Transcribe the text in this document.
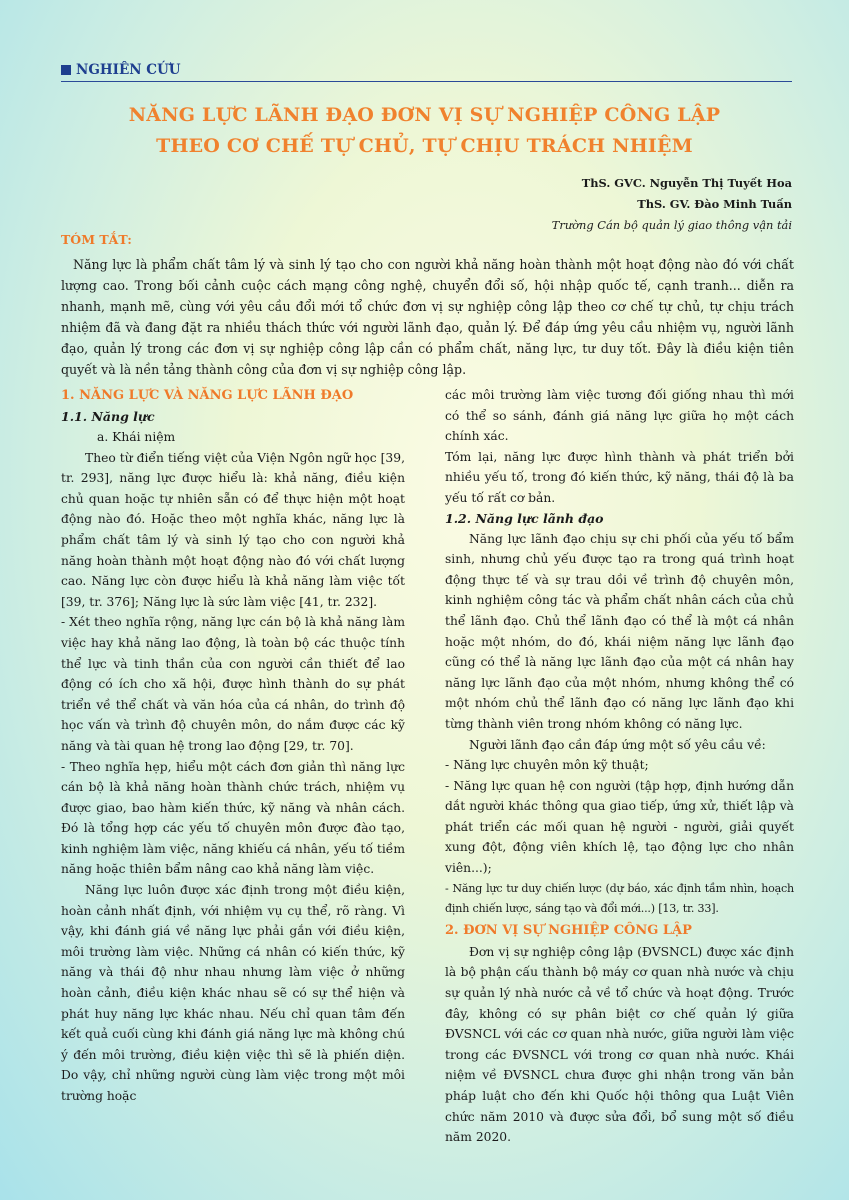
NGHIÊN CỨU
NĂNG LỰC LÃNH ĐẠO ĐƠN VỊ SỰ NGHIỆP CÔNG LẬP
THEO CƠ CHẾ TỰ CHỦ, TỰ CHỊU TRÁCH NHIỆM
ThS. GVC. Nguyễn Thị Tuyết Hoa
ThS. GV. Đào Minh Tuấn
Trường Cán bộ quản lý giao thông vận tải
TÓM TẮT:
Năng lực là phẩm chất tâm lý và sinh lý tạo cho con người khả năng hoàn thành một hoạt động nào đó với chất lượng cao. Trong bối cảnh cuộc cách mạng công nghệ, chuyển đổi số, hội nhập quốc tế, cạnh tranh... diễn ra nhanh, mạnh mẽ, cùng với yêu cầu đổi mới tổ chức đơn vị sự nghiệp công lập theo cơ chế tự chủ, tự chịu trách nhiệm đã và đang đặt ra nhiều thách thức với người lãnh đạo, quản lý. Để đáp ứng yêu cầu nhiệm vụ, người lãnh đạo, quản lý trong các đơn vị sự nghiệp công lập cần có phẩm chất, năng lực, tư duy tốt. Đây là điều kiện tiên quyết và là nền tảng thành công của đơn vị sự nghiệp công lập.

1. NĂNG LỰC VÀ NĂNG LỰC LÃNH ĐẠO

1.1. Năng lực

a. Khái niệm

Theo từ điển tiếng việt của Viện Ngôn ngữ học [39, tr. 293], năng lực được hiểu là: khả năng, điều kiện chủ quan hoặc tự nhiên sẵn có để thực hiện một hoạt động nào đó. Hoặc theo một nghĩa khác, năng lực là phẩm chất tâm lý và sinh lý tạo cho con người khả năng hoàn thành một hoạt động nào đó với chất lượng cao. Năng lực còn được hiểu là khả năng làm việc tốt [39, tr. 376]; Năng lực là sức làm việc [41, tr. 232].

- Xét theo nghĩa rộng, năng lực cán bộ là khả năng làm việc hay khả năng lao động, là toàn bộ các thuộc tính thể lực và tinh thần của con người cần thiết để lao động có ích cho xã hội, được hình thành do sự phát triển về thể chất và văn hóa của cá nhân, do trình độ học vấn và trình độ chuyên môn, do nắm được các kỹ năng và tài quan hệ trong lao động [29, tr. 70].

- Theo nghĩa hẹp, hiểu một cách đơn giản thì năng lực cán bộ là khả năng hoàn thành chức trách, nhiệm vụ được giao, bao hàm kiến thức, kỹ năng và nhân cách. Đó là tổng hợp các yếu tố chuyên môn được đào tạo, kinh nghiệm làm việc, năng khiếu cá nhân, yếu tố tiềm năng hoặc thiên bẩm nâng cao khả năng làm việc.

Năng lực luôn được xác định trong một điều kiện, hoàn cảnh nhất định, với nhiệm vụ cụ thể, rõ ràng. Vì vậy, khi đánh giá về năng lực phải gắn với điều kiện, môi trường làm việc. Những cá nhân có kiến thức, kỹ năng và thái độ như nhau nhưng làm việc ở những hoàn cảnh, điều kiện khác nhau sẽ có sự thể hiện và phát huy năng lực khác nhau. Nếu chỉ quan tâm đến kết quả cuối cùng khi đánh giá năng lực mà không chú ý đến môi trường, điều kiện việc thì sẽ là phiến diện. Do vậy, chỉ những người cùng làm việc trong một môi trường hoặc

các môi trường làm việc tương đối giống nhau thì mới có thể so sánh, đánh giá năng lực giữa họ một cách chính xác.

Tóm lại, năng lực được hình thành và phát triển bởi nhiều yếu tố, trong đó kiến thức, kỹ năng, thái độ là ba yếu tố rất cơ bản.

1.2. Năng lực lãnh đạo

Năng lực lãnh đạo chịu sự chi phối của yếu tố bẩm sinh, nhưng chủ yếu được tạo ra trong quá trình hoạt động thực tế và sự trau dồi về trình độ chuyên môn, kinh nghiệm công tác và phẩm chất nhân cách của chủ thể lãnh đạo. Chủ thể lãnh đạo có thể là một cá nhân hoặc một nhóm, do đó, khái niệm năng lực lãnh đạo cũng có thể là năng lực lãnh đạo của một cá nhân hay năng lực lãnh đạo của một nhóm, nhưng không thể có một nhóm chủ thể lãnh đạo có năng lực lãnh đạo khi từng thành viên trong nhóm không có năng lực.

Người lãnh đạo cần đáp ứng một số yêu cầu về:

- Năng lực chuyên môn kỹ thuật;

- Năng lực quan hệ con người (tập hợp, định hướng dẫn dắt người khác thông qua giao tiếp, ứng xử, thiết lập và phát triển các mối quan hệ người - người, giải quyết xung đột, động viên khích lệ, tạo động lực cho nhân viên...);

- Năng lực tư duy chiến lược (dự báo, xác định tầm nhìn, hoạch định chiến lược, sáng tạo và đổi mới...) [13, tr. 33].

2. ĐƠN VỊ SỰ NGHIỆP CÔNG LẬP

Đơn vị sự nghiệp công lập (ĐVSNCL) được xác định là bộ phận cấu thành bộ máy cơ quan nhà nước và chịu sự quản lý nhà nước cả về tổ chức và hoạt động. Trước đây, không có sự phân biệt cơ chế quản lý giữa ĐVSNCL với các cơ quan nhà nước, giữa người làm việc trong các ĐVSNCL với trong cơ quan nhà nước. Khái niệm về ĐVSNCL chưa được ghi nhận trong văn bản pháp luật cho đến khi Quốc hội thông qua Luật Viên chức năm 2010 và được sửa đổi, bổ sung một số điều năm 2020.
